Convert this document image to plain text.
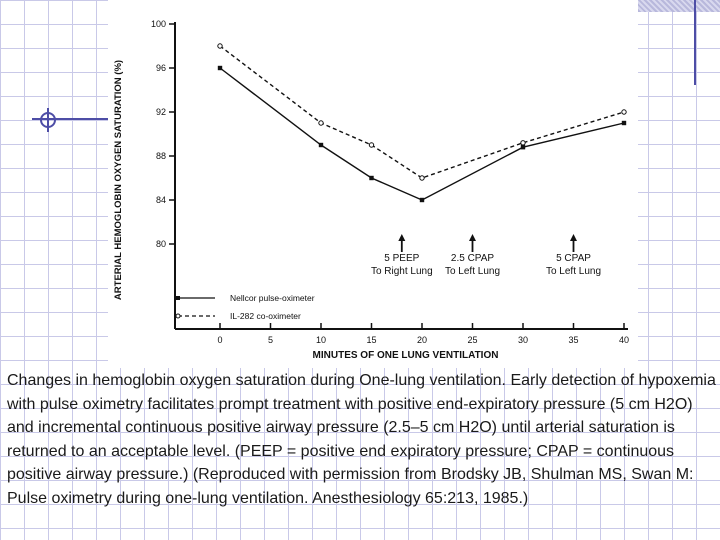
80
84
88
92
96
100
0	5	10	15	20	25	30	35	40
MINUTES OF ONE LUNG VENTILATION
ARTERIAL HEMOGLOBIN OXYGEN SATURATION (%)	5 PEEP
To Right Lung
2.5 CPAP
To Left Lung
5 CPAP
To Left Lung
Nellcor pulse-oximeter
IL-282 co-oximeter

Changes in hemoglobin oxygen saturation during One-lung ventilation. Early detection of hypoxemia with pulse oximetry facilitates prompt treatment with positive end-expiratory pressure (5 cm H2O) and incremental continuous positive airway pressure (2.5–5 cm H2O) until arterial saturation is returned to an acceptable level. (PEEP = positive end expiratory pressure; CPAP = continuous positive airway pressure.) (Reproduced with permission from Brodsky JB, Shulman MS, Swan M: Pulse oximetry during one-lung ventilation. Anesthesiology 65:213, 1985.)
